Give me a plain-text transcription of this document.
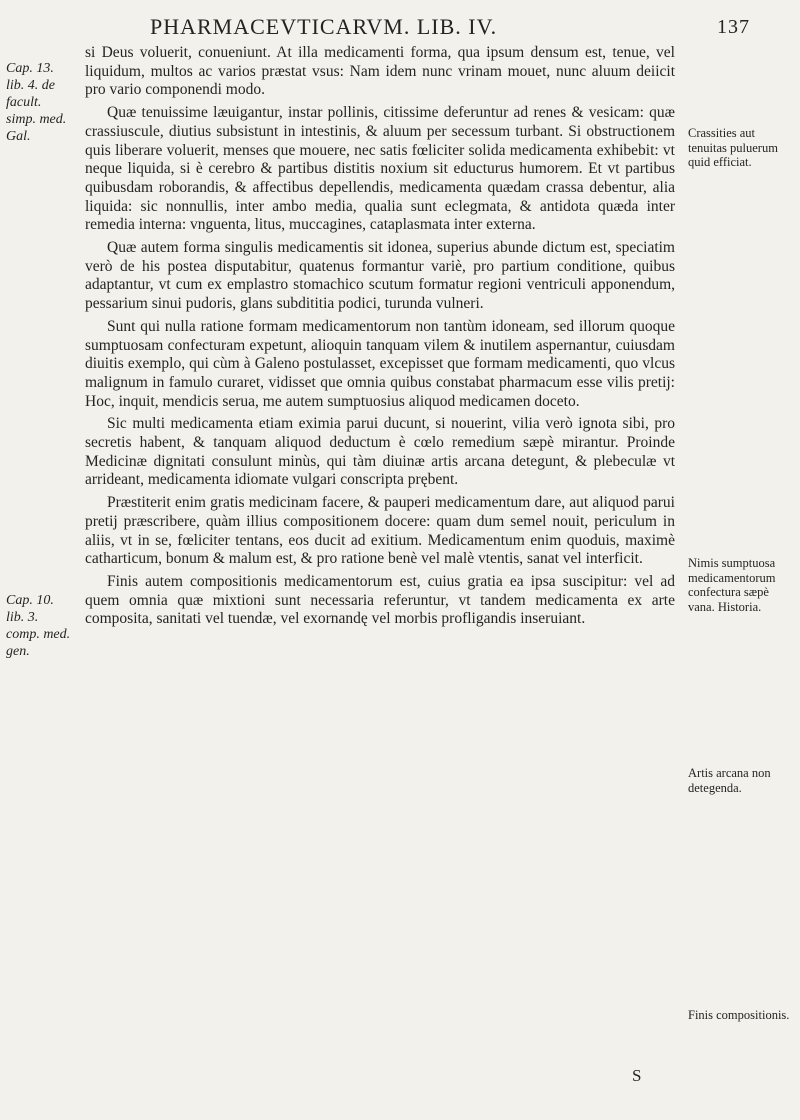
PHARMACEVTICARVM. LIB. IV.	137
Cap. 13. lib. 4. de facult. simp. med. Gal.
Cap. 10. lib. 3. comp. med. gen.
Crassities aut tenuitas puluerum quid efficiat.
Nimis sumptuosa medicamentorum confectura sæpè vana. Historia.
Artis arcana non detegenda.
Finis compositionis.

si Deus voluerit, conueniunt. At illa medicamenti forma, qua ipsum densum est, tenue, vel liquidum, multos ac varios præstat vsus: Nam idem nunc vrinam mouet, nunc aluum deiicit pro vario componendi modo.

Quæ tenuissime læuigantur, instar pollinis, citissime deferuntur ad renes & vesicam: quæ crassiuscule, diutius subsistunt in intestinis, & aluum per secessum turbant. Si obstructionem quis liberare voluerit, menses que mouere, nec satis fœliciter solida medicamenta exhibebit: vt neque liquida, si è cerebro & partibus distitis noxium sit educturus humorem. Et vt partibus quibusdam roborandis, & affectibus depellendis, medicamenta quædam crassa debentur, alia liquida: sic nonnullis, inter ambo media, qualia sunt eclegmata, & antidota quæda inter remedia interna: vnguenta, litus, muccagines, cataplasmata inter externa.

Quæ autem forma singulis medicamentis sit idonea, superius abunde dictum est, speciatim verò de his postea disputabitur, quatenus formantur variè, pro partium conditione, quibus adaptantur, vt cum ex emplastro stomachico scutum formatur regioni ventriculi apponendum, pessarium sinui pudoris, glans subdititia podici, turunda vulneri.

Sunt qui nulla ratione formam medicamentorum non tantùm idoneam, sed illorum quoque sumptuosam confecturam expetunt, alioquin tanquam vilem & inutilem aspernantur, cuiusdam diuitis exemplo, qui cùm à Galeno postulasset, excepisset que formam medicamenti, quo vlcus malignum in famulo curaret, vidisset que omnia quibus constabat pharmacum esse vilis pretij: Hoc, inquit, mendicis serua, me autem sumptuosius aliquod medicamen doceto.

Sic multi medicamenta etiam eximia parui ducunt, si nouerint, vilia verò ignota sibi, pro secretis habent, & tanquam aliquod deductum è cœlo remedium sæpè mirantur. Proinde Medicinæ dignitati consulunt minùs, qui tàm diuinæ artis arcana detegunt, & plebeculæ vt arrideant, medicamenta idiomate vulgari conscripta prębent.

Præstiterit enim gratis medicinam facere, & pauperi medicamentum dare, aut aliquod parui pretij præscribere, quàm illius compositionem docere: quam dum semel nouit, periculum in aliis, vt in se, fœliciter tentans, eos ducit ad exitium. Medicamentum enim quoduis, maximè catharticum, bonum & malum est, & pro ratione benè vel malè vtentis, sanat vel interficit.

Finis autem compositionis medicamentorum est, cuius gratia ea ipsa suscipitur: vel ad quem omnia quæ mixtioni sunt necessaria referuntur, vt tandem medicamenta ex arte composita, sanitati vel tuendæ, vel exornandę vel morbis profligandis inseruiant.

S
